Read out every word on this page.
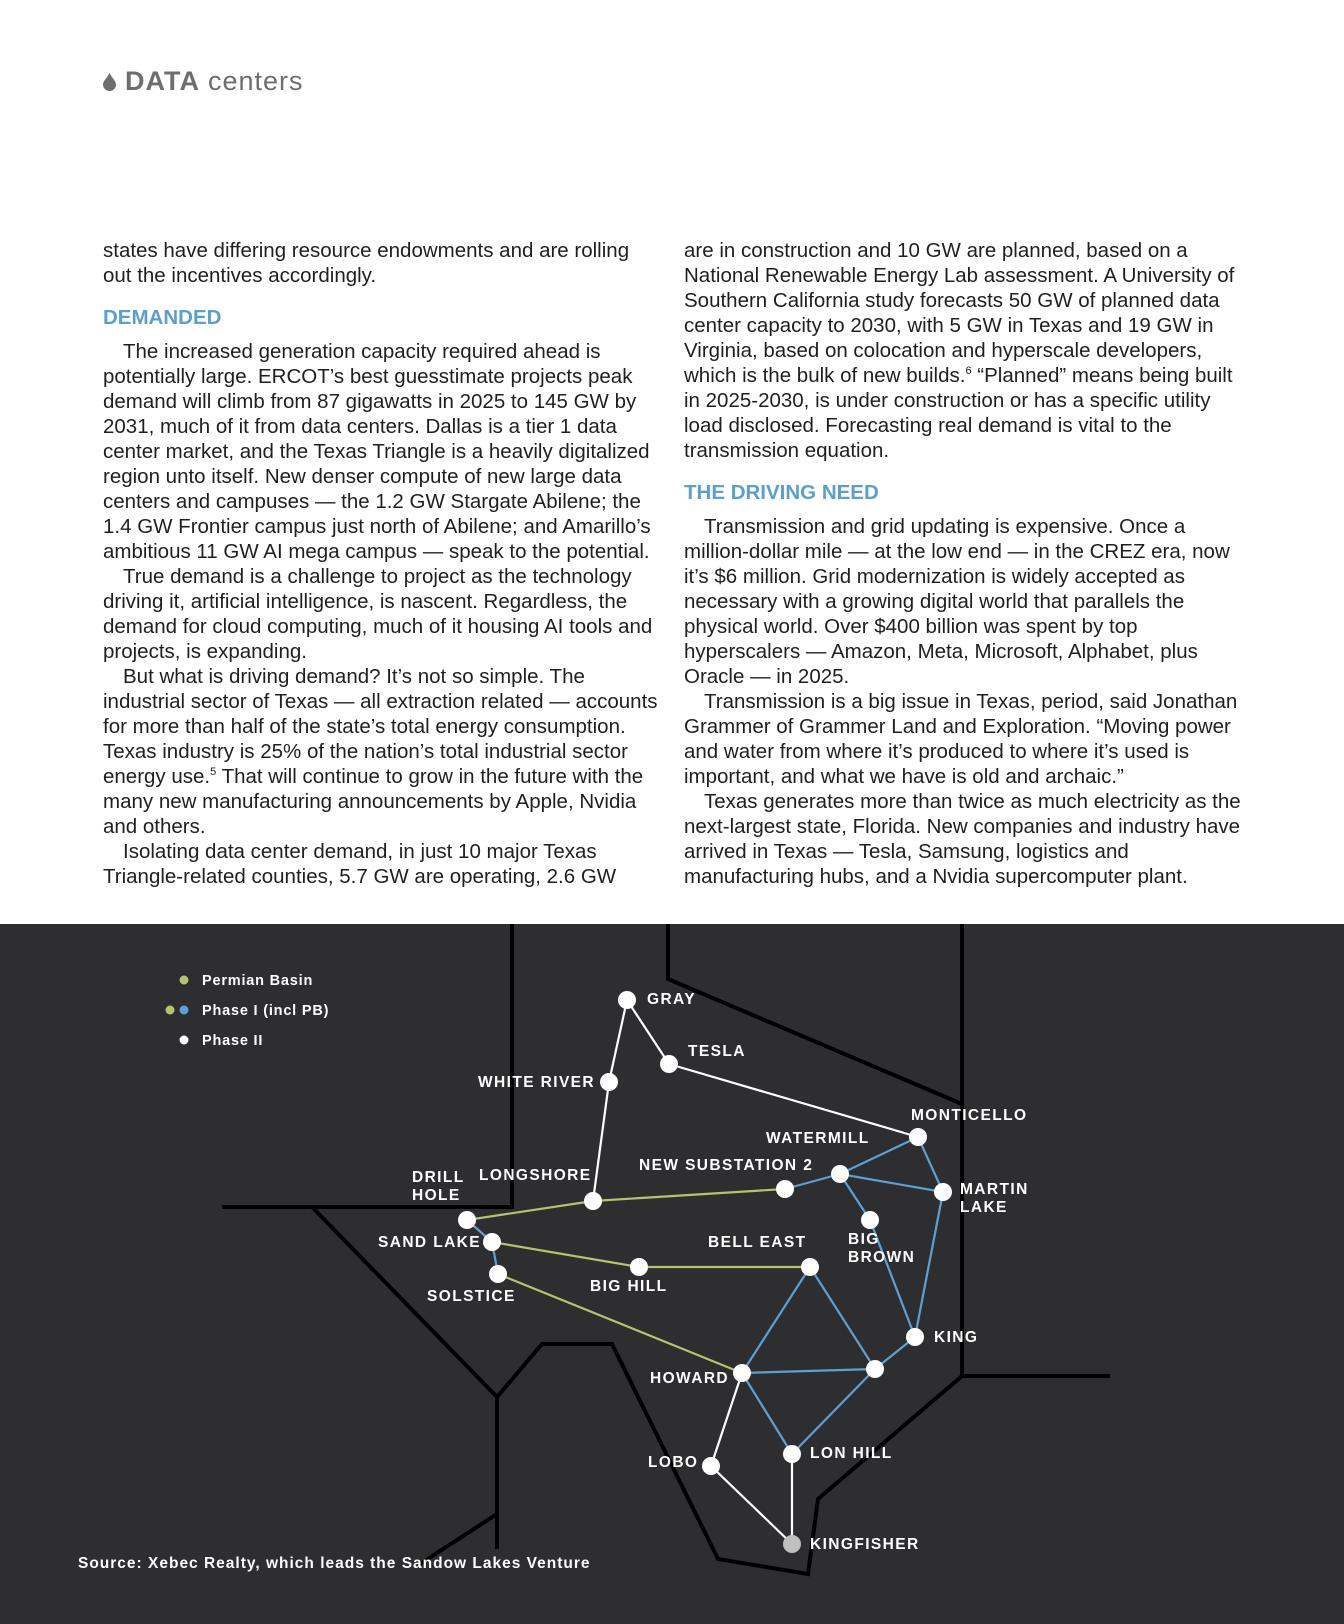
DATA centers

states have differing resource endowments and are rolling out the incentives accordingly.

DEMANDED

The increased generation capacity required ahead is potentially large. ERCOT’s best guesstimate projects peak demand will climb from 87 gigawatts in 2025 to 145 GW by 2031, much of it from data centers. Dallas is a tier 1 data center market, and the Texas Triangle is a heavily digitalized region unto itself. New denser compute of new large data centers and campuses — the 1.2 GW Stargate Abilene; the 1.4 GW Frontier campus just north of Abilene; and Amarillo’s ambitious 11 GW AI mega campus — speak to the potential.

True demand is a challenge to project as the technology driving it, artificial intelligence, is nascent. Regardless, the demand for cloud computing, much of it housing AI tools and projects, is expanding.

But what is driving demand? It’s not so simple. The industrial sector of Texas — all extraction related — accounts for more than half of the state’s total energy consumption. Texas industry is 25% of the nation’s total industrial sector energy use.$^5$ That will continue to grow in the future with the many new manufacturing announcements by Apple, Nvidia and others.

Isolating data center demand, in just 10 major Texas Triangle-related counties, 5.7 GW are operating, 2.6 GW

are in construction and 10 GW are planned, based on a National Renewable Energy Lab assessment. A University of Southern California study forecasts 50 GW of planned data center capacity to 2030, with 5 GW in Texas and 19 GW in Virginia, based on colocation and hyperscale developers, which is the bulk of new builds.$^6$ “Planned” means being built in 2025-2030, is under construction or has a specific utility load disclosed. Forecasting real demand is vital to the transmission equation.

THE DRIVING NEED

Transmission and grid updating is expensive. Once a million-dollar mile — at the low end — in the CREZ era, now it’s $6 million. Grid modernization is widely accepted as necessary with a growing digital world that parallels the physical world. Over $400 billion was spent by top hyperscalers — Amazon, Meta, Microsoft, Alphabet, plus Oracle — in 2025.

Transmission is a big issue in Texas, period, said Jonathan Grammer of Grammer Land and Exploration. “Moving power and water from where it’s produced to where it’s used is important, and what we have is old and archaic.”

Texas generates more than twice as much electricity as the next-largest state, Florida. New companies and industry have arrived in Texas — Tesla, Samsung, logistics and manufacturing hubs, and a Nvidia supercomputer plant.

Permian Basin
Phase I (incl PB)
Phase II
GRAY
TESLA
WHITE RIVER
MONTICELLO
WATERMILL
NEW SUBSTATION 2
DRILL
HOLE
LONGSHORE
MARTIN
LAKE
SAND LAKE	BELL EAST	BIG
BROWN
BIG HILL
SOLSTICE
KING
HOWARD
LON HILL
LOBO
KINGFISHER
Source: Xebec Realty, which leads the Sandow Lakes Venture
